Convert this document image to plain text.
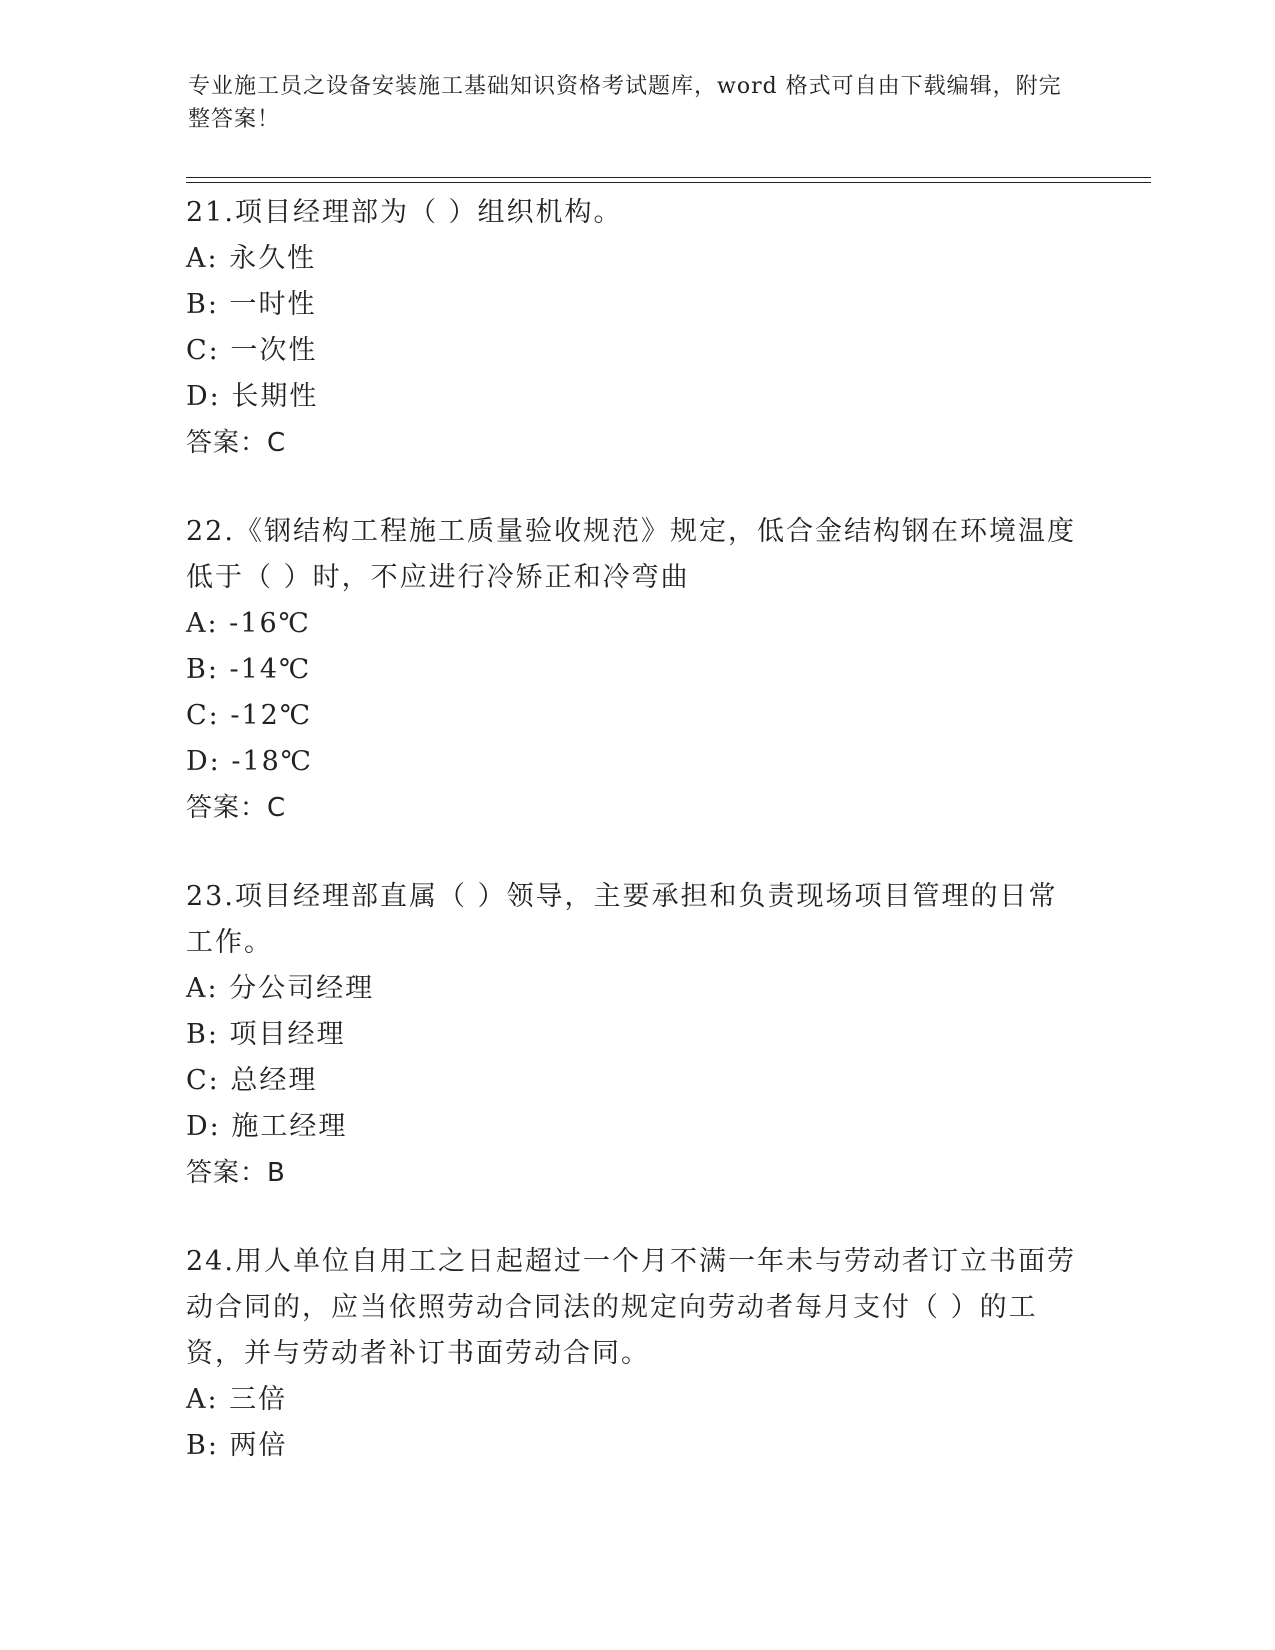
专业施工员之设备安装施工基础知识资格考试题库，word 格式可自由下载编辑，附完整答案！
21.项目经理部为（ ）组织机构。
A: 永久性
B: 一时性
C: 一次性
D: 长期性
答案：C
22.《钢结构工程施工质量验收规范》规定，低合金结构钢在环境温度低于（ ）时，不应进行冷矫正和冷弯曲
A: -16℃
B: -14℃
C: -12℃
D: -18℃
答案：C
23.项目经理部直属（ ）领导，主要承担和负责现场项目管理的日常工作。
A: 分公司经理
B: 项目经理
C: 总经理
D: 施工经理
答案：B
24.用人单位自用工之日起超过一个月不满一年未与劳动者订立书面劳动合同的，应当依照劳动合同法的规定向劳动者每月支付（ ）的工资，并与劳动者补订书面劳动合同。
A: 三倍
B: 两倍
